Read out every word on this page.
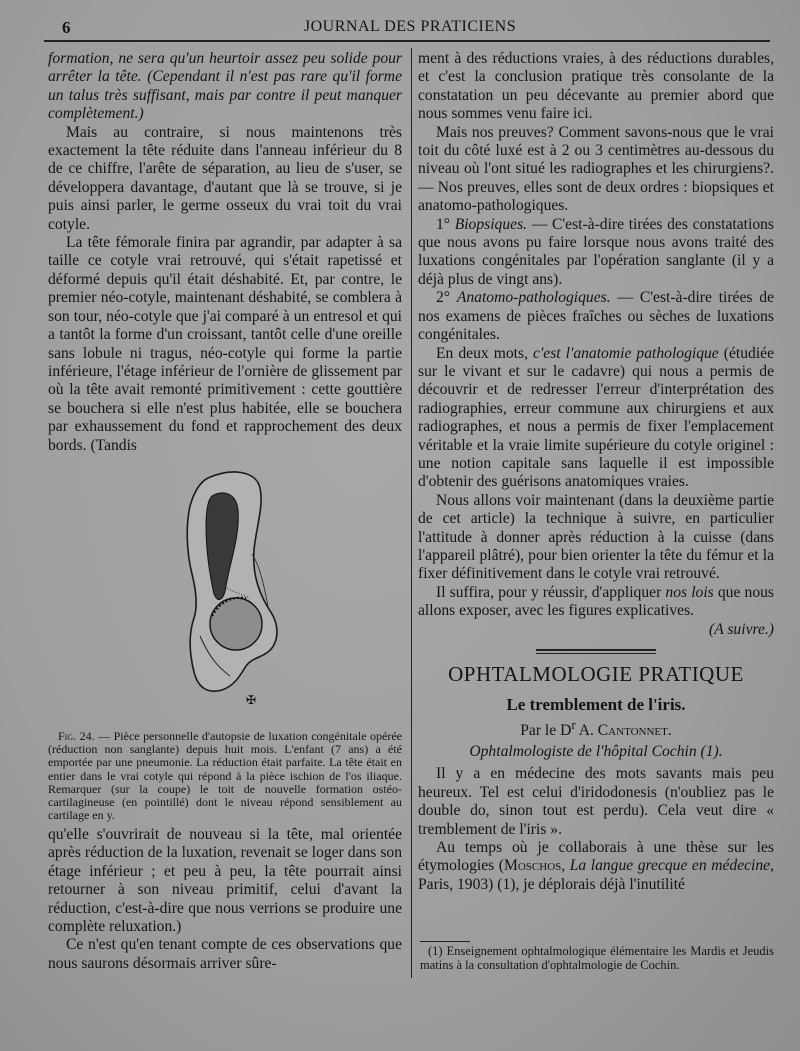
6	JOURNAL DES PRATICIENS

formation, ne sera qu'un heurtoir assez peu solide pour arrêter la tête. (Cependant il n'est pas rare qu'il forme un talus très suffisant, mais par contre il peut manquer complètement.)

Mais au contraire, si nous maintenons très exactement la tête réduite dans l'anneau inférieur du 8 de ce chiffre, l'arête de séparation, au lieu de s'user, se développera davantage, d'autant que là se trouve, si je puis ainsi parler, le germe osseux du vrai toit du vrai cotyle.

La tête fémorale finira par agrandir, par adapter à sa taille ce cotyle vrai retrouvé, qui s'était rapetissé et déformé depuis qu'il était déshabité. Et, par contre, le premier néo-cotyle, maintenant déshabité, se comblera à son tour, néo-cotyle que j'ai comparé à un entresol et qui a tantôt la forme d'un croissant, tantôt celle d'une oreille sans lobule ni tragus, néo-cotyle qui forme la partie inférieure, l'étage inférieur de l'ornière de glissement par où la tête avait remonté primitivement : cette gouttière se bouchera si elle n'est plus habitée, elle se bouchera par exhaussement du fond et rapprochement des deux bords. (Tandis

✠

Fig. 24. — Pièce personnelle d'autopsie de luxation congénitale opérée (réduction non sanglante) depuis huit mois. L'enfant (7 ans) a été emportée par une pneumonie. La réduction était parfaite. La tête était en entier dans le vrai cotyle qui répond à la pièce ischion de l'os iliaque. Remarquer (sur la coupe) le toit de nouvelle formation ostéo-cartilagineuse (en pointillé) dont le niveau répond sensiblement au cartilage en y.

qu'elle s'ouvrirait de nouveau si la tête, mal orientée après réduction de la luxation, revenait se loger dans son étage inférieur ; et peu à peu, la tête pourrait ainsi retourner à son niveau primitif, celui d'avant la réduction, c'est-à-dire que nous verrions se produire une complète reluxation.)

Ce n'est qu'en tenant compte de ces observations que nous saurons désormais arriver sûre-

ment à des réductions vraies, à des réductions durables, et c'est la conclusion pratique très consolante de la constatation un peu décevante au premier abord que nous sommes venu faire ici.

Mais nos preuves? Comment savons-nous que le vrai toit du côté luxé est à 2 ou 3 centimètres au-dessous du niveau où l'ont situé les radiographes et les chirurgiens?. — Nos preuves, elles sont de deux ordres : biopsiques et anatomo-pathologiques.

1° Biopsiques. — C'est-à-dire tirées des constatations que nous avons pu faire lorsque nous avons traité des luxations congénitales par l'opération sanglante (il y a déjà plus de vingt ans).

2° Anatomo-pathologiques. — C'est-à-dire tirées de nos examens de pièces fraîches ou sèches de luxations congénitales.

En deux mots, c'est l'anatomie pathologique (étudiée sur le vivant et sur le cadavre) qui nous a permis de découvrir et de redresser l'erreur d'interprétation des radiographies, erreur commune aux chirurgiens et aux radiographes, et nous a permis de fixer l'emplacement véritable et la vraie limite supérieure du cotyle originel : une notion capitale sans laquelle il est impossible d'obtenir des guérisons anatomiques vraies.

Nous allons voir maintenant (dans la deuxième partie de cet article) la technique à suivre, en particulier l'attitude à donner après réduction à la cuisse (dans l'appareil plâtré), pour bien orienter la tête du fémur et la fixer définitivement dans le cotyle vrai retrouvé.

Il suffira, pour y réussir, d'appliquer nos lois que nous allons exposer, avec les figures explicatives.

(A suivre.)
OPHTALMOLOGIE PRATIQUE
Le tremblement de l'iris.
Par le $D^r$ A. Cantonnet.
Ophtalmologiste de l'hôpital Cochin (1).

Il y a en médecine des mots savants mais peu heureux. Tel est celui d'iridodonesis (n'oubliez pas le double do, sinon tout est perdu). Cela veut dire « tremblement de l'iris ».

Au temps où je collaborais à une thèse sur les étymologies (Moschos, La langue grecque en médecine, Paris, 1903) (1), je déplorais déjà l'inutilité

(1) Enseignement ophtalmologique élémentaire les Mardis et Jeudis matins à la consultation d'ophtalmologie de Cochin.
